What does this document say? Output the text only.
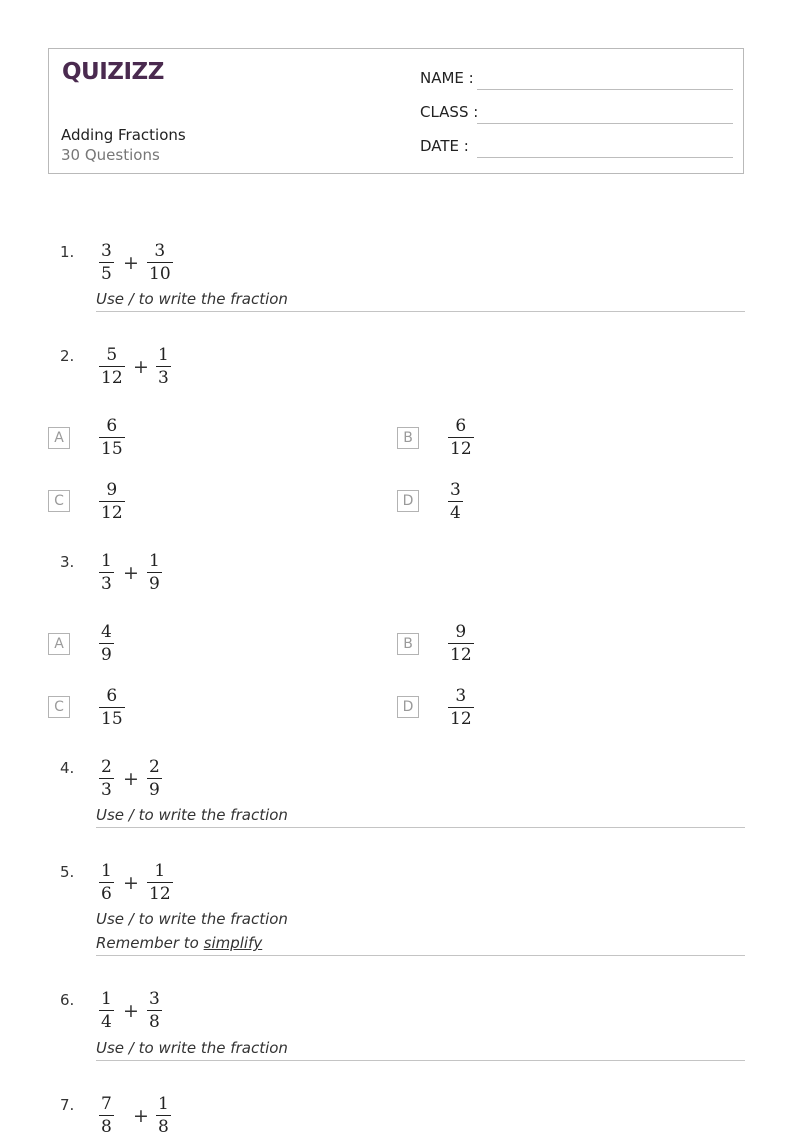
QUIZIZZ
Adding Fractions
30 Questions
NAME :
CLASS :
DATE :
1. $\frac{3}{5} + \frac{3}{10}$
Use / to write the fraction
2. $\frac{5}{12} + \frac{1}{3}$
A	$\frac{6}{15}$	B	$\frac{6}{12}$
C	$\frac{9}{12}$	D	$\frac{3}{4}$
3. $\frac{1}{3} + \frac{1}{9}$
A	$\frac{4}{9}$	B	$\frac{9}{12}$
C	$\frac{6}{15}$	D	$\frac{3}{12}$
4. $\frac{2}{3} + \frac{2}{9}$
Use / to write the fraction
5. $\frac{1}{6} + \frac{1}{12}$
Use / to write the fraction
Remember to simplify
6. $\frac{1}{4} + \frac{3}{8}$
Use / to write the fraction
7. $\frac{7}{8} + \frac{1}{8}$
